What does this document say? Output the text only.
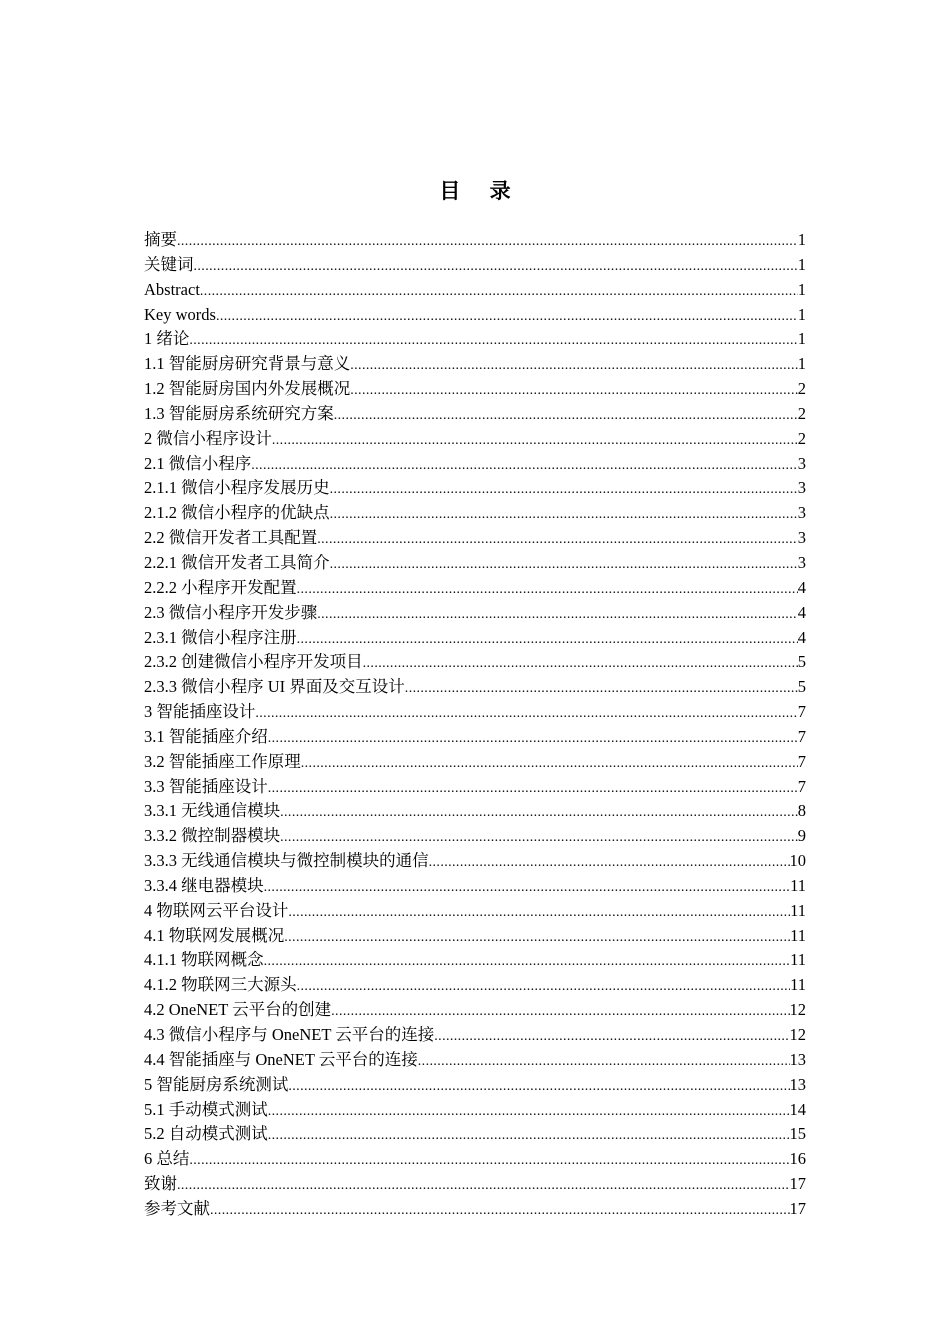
目 录
摘要 .....	1
关键词 .....	1
Abstract .....	1
Key words .....	1
1 绪论 .....	1
1.1 智能厨房研究背景与意义 .....	1
1.2 智能厨房国内外发展概况 .....	2
1.3 智能厨房系统研究方案 .....	2
2 微信小程序设计 .....	2
2.1 微信小程序 .....	3
2.1.1 微信小程序发展历史 .....	3
2.1.2 微信小程序的优缺点 .....	3
2.2 微信开发者工具配置 .....	3
2.2.1 微信开发者工具简介 .....	3
2.2.2 小程序开发配置 .....	4
2.3 微信小程序开发步骤 .....	4
2.3.1 微信小程序注册 .....	4
2.3.2 创建微信小程序开发项目 .....	5
2.3.3 微信小程序 UI 界面及交互设计 .....	5
3 智能插座设计 .....	7
3.1 智能插座介绍 .....	7
3.2 智能插座工作原理 .....	7
3.3 智能插座设计 .....	7
3.3.1 无线通信模块 .....	8
3.3.2 微控制器模块 .....	9
3.3.3 无线通信模块与微控制模块的通信 .....	10
3.3.4 继电器模块 .....	11
4 物联网云平台设计 .....	11
4.1 物联网发展概况 .....	11
4.1.1 物联网概念 .....	11
4.1.2 物联网三大源头 .....	11
4.2 OneNET 云平台的创建 .....	12
4.3 微信小程序与 OneNET 云平台的连接 .....	12
4.4 智能插座与 OneNET 云平台的连接 .....	13
5 智能厨房系统测试 .....	13
5.1 手动模式测试 .....	14
5.2 自动模式测试 .....	15
6 总结 .....	16
致谢 .....	17
参考文献 .....	17
